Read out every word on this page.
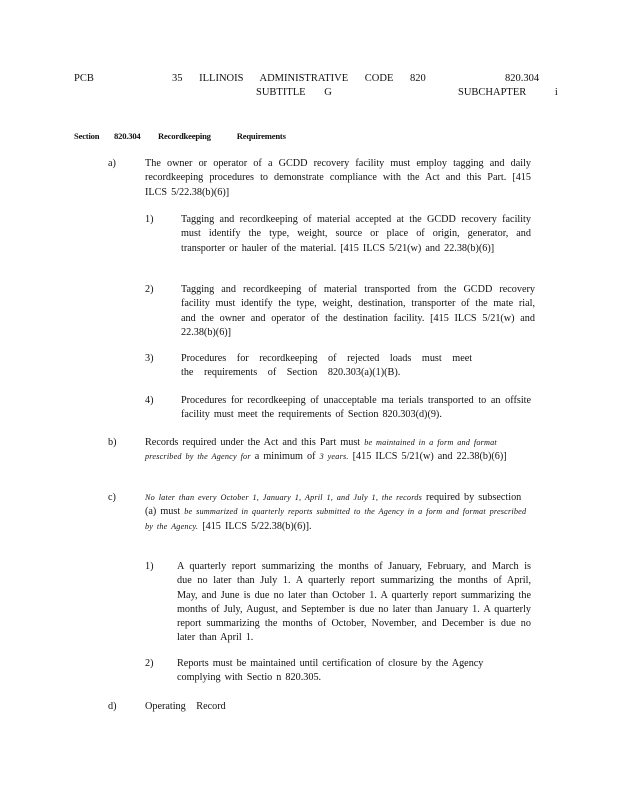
PCB	35 ILLINOIS ADMINISTRATIVE CODE 820	820.304
SUBTITLE G	SUBCHAPTER i
Section 820.304 Recordkeeping Requirements
a)	The owner or operator of a GCDD recovery facility must employ tagging and daily recordkeeping procedures to demonstrate compliance with the Act and this Part. [415 ILCS 5/22.38(b)(6)]
1)	Tagging and recordkeeping of material accepted at the GCDD recovery facility must identify the type, weight, source or place of origin, generator, and transporter or hauler of the material. [415 ILCS 5/21(w) and 22.38(b)(6)]
2)	Tagging and recordkeeping of material transported from the GCDD recovery facility must identify the type, weight, destination, transporter of the mate rial, and the owner and operator of the destination facility. [415 ILCS 5/21(w) and 22.38(b)(6)]
3)	Procedures for recordkeeping of rejected loads must meet the requirements of Section 820.303(a)(1)(B).
4)	Procedures for recordkeeping of unacceptable ma terials transported to an offsite facility must meet the requirements of Section 820.303(d)(9).
b)	Records required under the Act and this Part must be maintained in a form and format prescribed by the Agency for a minimum of 3 years. [415 ILCS 5/21(w) and 22.38(b)(6)]
c)	No later than every October 1, January 1, April 1, and July 1, the records required by subsection (a) must be summarized in quarterly reports submitted to the Agency in a form and format prescribed by the Agency. [415 ILCS 5/22.38(b)(6)].
1) A quarterly report summarizing the months of January, February, and March is due no later than July 1. A quarterly report summarizing the months of April, May, and June is due no later than October 1. A quarterly report summarizing the months of July, August, and September is due no later than January 1. A quarterly report summarizing the months of October, November, and December is due no later than April 1.
2) Reports must be maintained until certification of closure by the Agency complying with Sectio n 820.305.
d)	Operating Record
